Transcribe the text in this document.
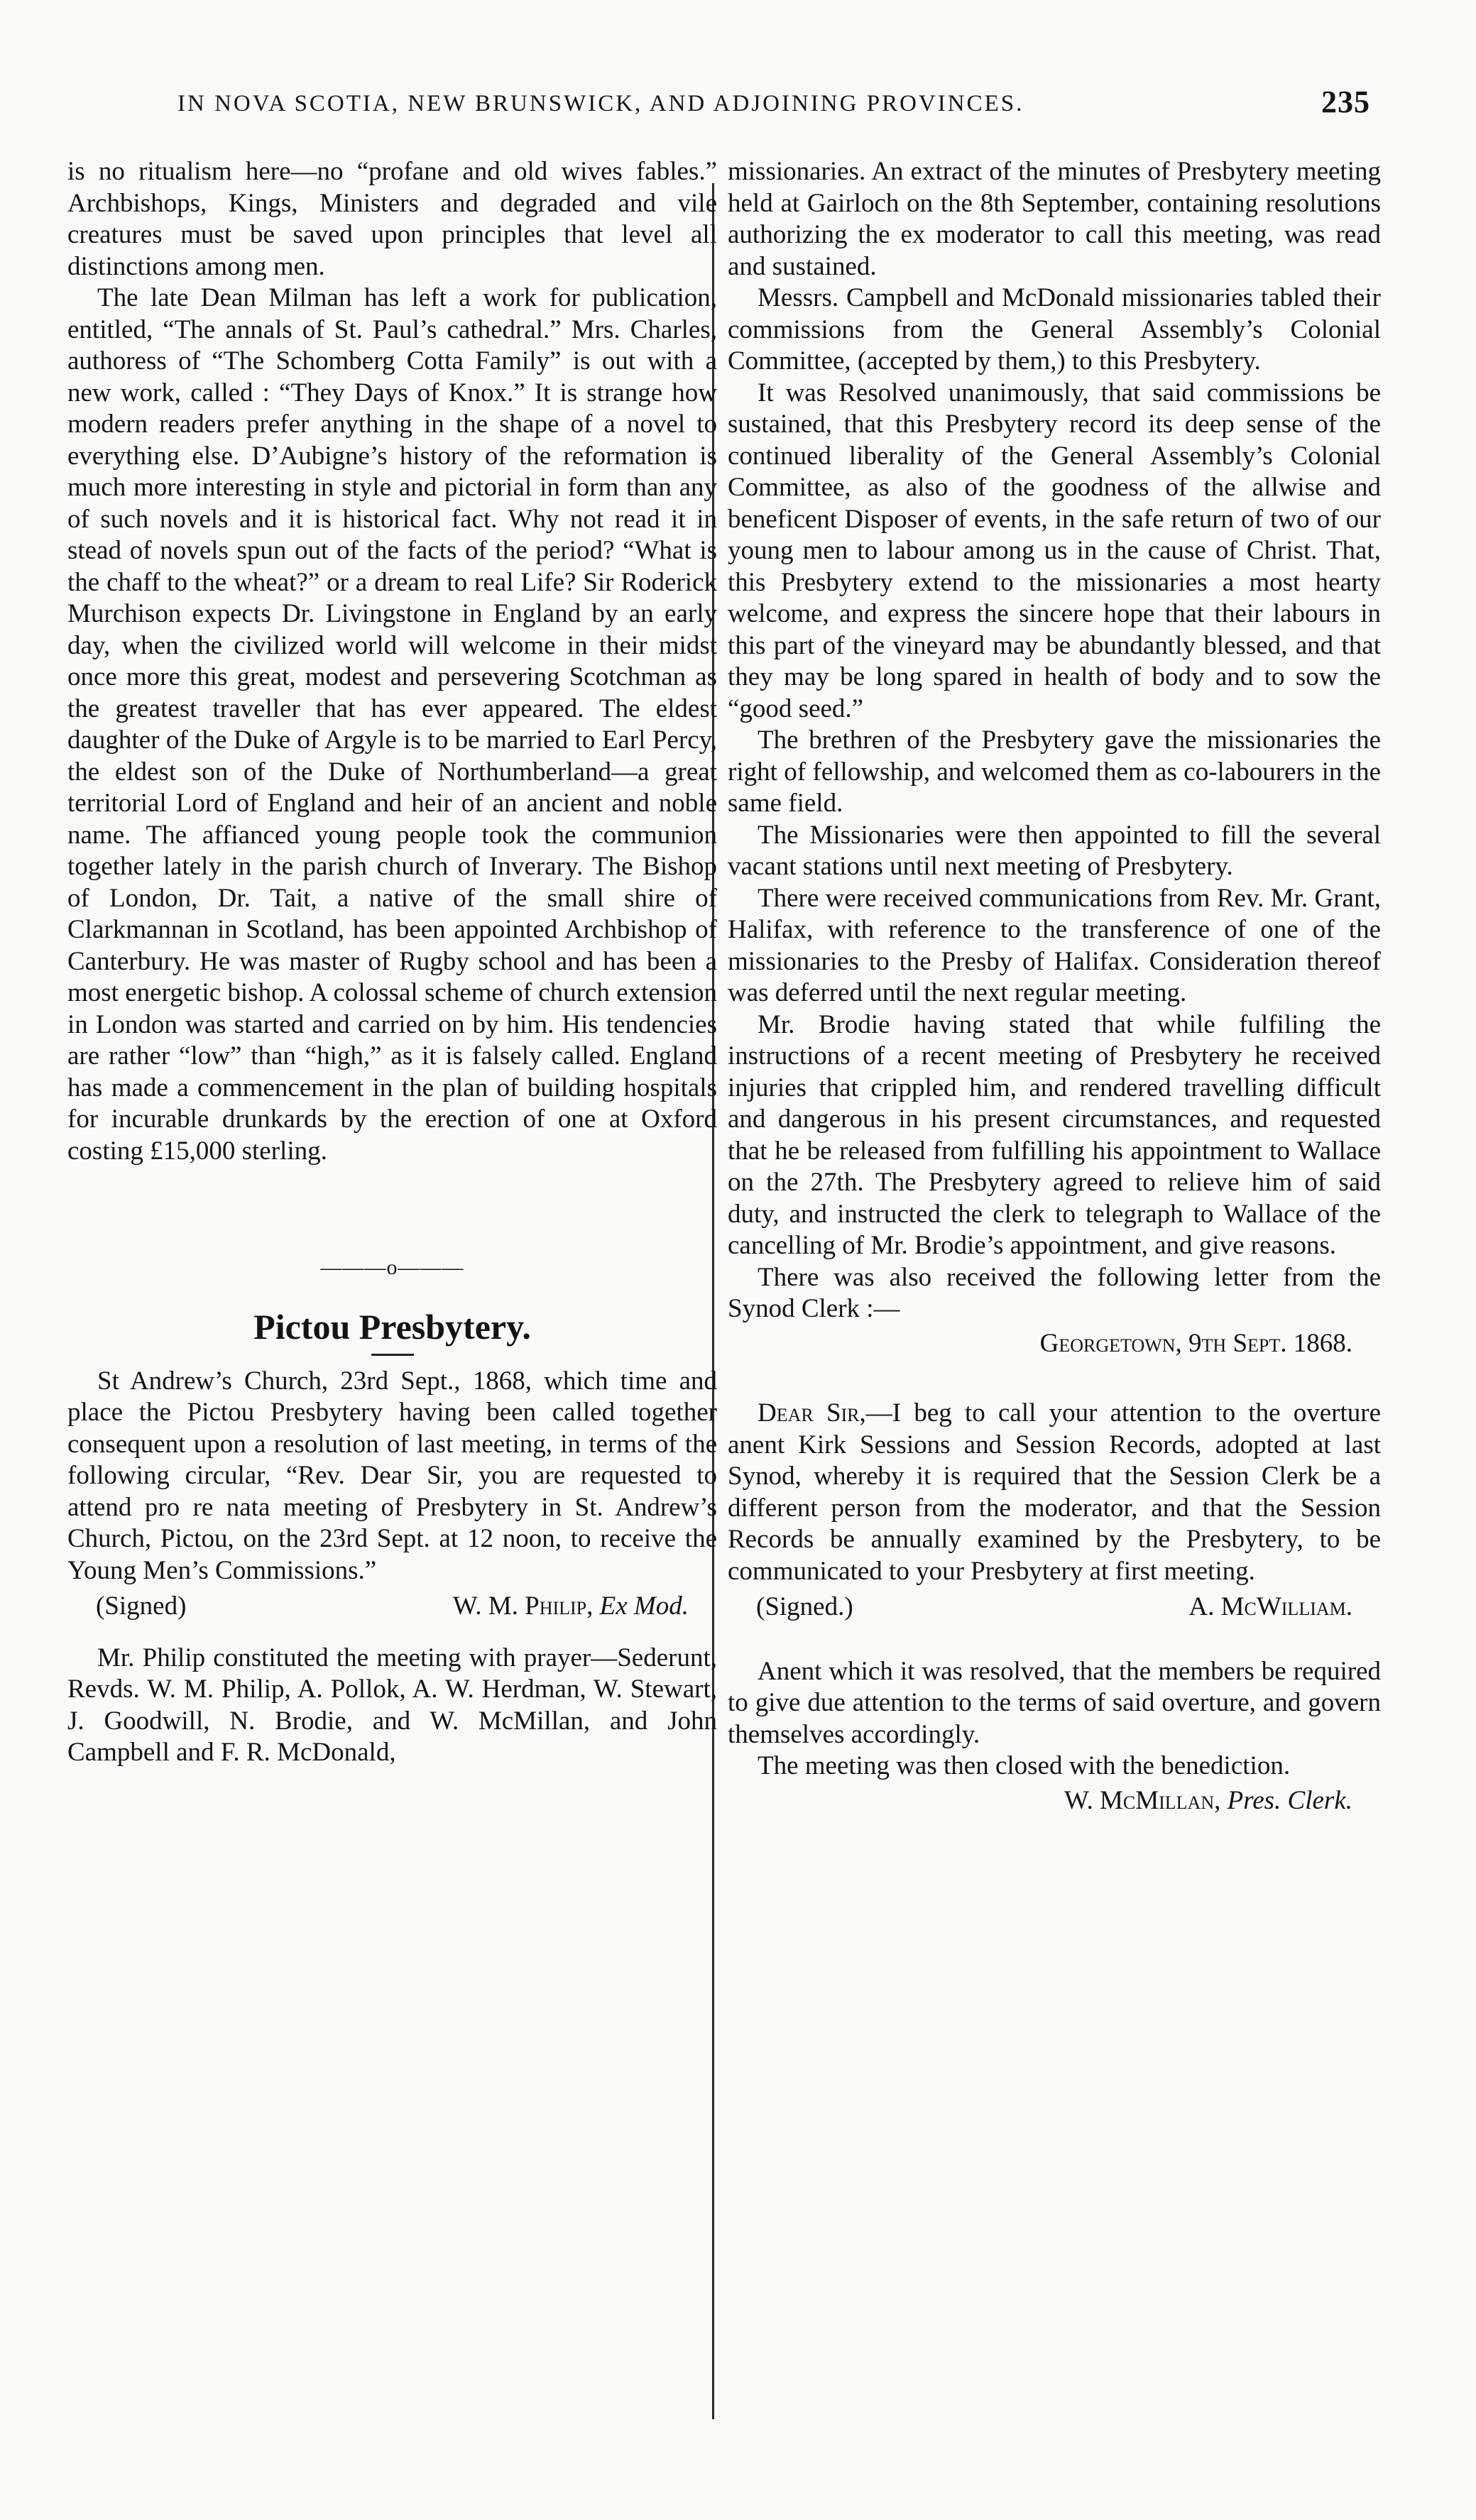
IN NOVA SCOTIA, NEW BRUNSWICK, AND ADJOINING PROVINCES.	235

is no ritualism here—no “profane and old wives fables.” Archbishops, Kings, Ministers and degraded and vile creatures must be saved upon principles that level all distinctions among men.

The late Dean Milman has left a work for publication, entitled, “The annals of St. Paul’s cathedral.” Mrs. Charles, authoress of “The Schomberg Cotta Family” is out with a new work, called : “They Days of Knox.” It is strange how modern readers prefer anything in the shape of a novel to everything else. D’Aubigne’s history of the reformation is much more interesting in style and pictorial in form than any of such novels and it is historical fact. Why not read it in stead of novels spun out of the facts of the period? “What is the chaff to the wheat?” or a dream to real Life? Sir Roderick Murchison expects Dr. Livingstone in England by an early day, when the civilized world will welcome in their midst once more this great, modest and persevering Scotchman as the greatest traveller that has ever appeared. The eldest daughter of the Duke of Argyle is to be married to Earl Percy, the eldest son of the Duke of Northumberland—a great territorial Lord of England and heir of an ancient and noble name. The affianced young people took the communion together lately in the parish church of Inverary. The Bishop of London, Dr. Tait, a native of the small shire of Clarkmannan in Scotland, has been appointed Archbishop of Canterbury. He was master of Rugby school and has been a most energetic bishop. A colossal scheme of church extension in London was started and carried on by him. His tendencies are rather “low” than “high,” as it is falsely called. England has made a commencement in the plan of building hospitals for incurable drunkards by the erection of one at Oxford costing £15,000 sterling.

———o———
Pictou Presbytery.

St Andrew’s Church, 23rd Sept., 1868, which time and place the Pictou Presbytery having been called together consequent upon a resolution of last meeting, in terms of the following circular, “Rev. Dear Sir, you are requested to attend pro re nata meeting of Presbytery in St. Andrew’s Church, Pictou, on the 23rd Sept. at 12 noon, to receive the Young Men’s Commissions.”

(Signed)	W. M. Philip, Ex Mod.

Mr. Philip constituted the meeting with prayer—Sederunt, Revds. W. M. Philip, A. Pollok, A. W. Herdman, W. Stewart, J. Goodwill, N. Brodie, and W. McMillan, and John Campbell and F. R. McDonald,

missionaries. An extract of the minutes of Presbytery meeting held at Gairloch on the 8th September, containing resolutions authorizing the ex moderator to call this meeting, was read and sustained.

Messrs. Campbell and McDonald missionaries tabled their commissions from the General Assembly’s Colonial Committee, (accepted by them,) to this Presbytery.

It was Resolved unanimously, that said commissions be sustained, that this Presbytery record its deep sense of the continued liberality of the General Assembly’s Colonial Committee, as also of the goodness of the allwise and beneficent Disposer of events, in the safe return of two of our young men to labour among us in the cause of Christ. That, this Presbytery extend to the missionaries a most hearty welcome, and express the sincere hope that their labours in this part of the vineyard may be abundantly blessed, and that they may be long spared in health of body and to sow the “good seed.”

The brethren of the Presbytery gave the missionaries the right of fellowship, and welcomed them as co-labourers in the same field.

The Missionaries were then appointed to fill the several vacant stations until next meeting of Presbytery.

There were received communications from Rev. Mr. Grant, Halifax, with reference to the transference of one of the missionaries to the Presby of Halifax. Consideration thereof was deferred until the next regular meeting.

Mr. Brodie having stated that while fulfiling the instructions of a recent meeting of Presbytery he received injuries that crippled him, and rendered travelling difficult and dangerous in his present circumstances, and requested that he be released from fulfilling his appointment to Wallace on the 27th. The Presbytery agreed to relieve him of said duty, and instructed the clerk to telegraph to Wallace of the cancelling of Mr. Brodie’s appointment, and give reasons.

There was also received the following letter from the Synod Clerk :—

Georgetown, 9th Sept. 1868.

Dear Sir,—I beg to call your attention to the overture anent Kirk Sessions and Session Records, adopted at last Synod, whereby it is required that the Session Clerk be a different person from the moderator, and that the Session Records be annually examined by the Presbytery, to be communicated to your Presbytery at first meeting.

(Signed.)	A. McWilliam.

Anent which it was resolved, that the members be required to give due attention to the terms of said overture, and govern themselves accordingly.

The meeting was then closed with the benediction.

W. McMillan, Pres. Clerk.
